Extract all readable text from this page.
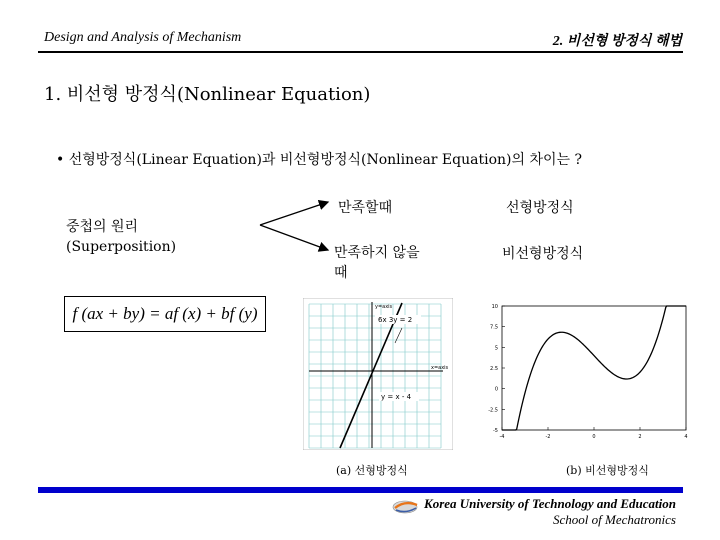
Design and Analysis of Mechanism	2. 비선형 방정식 해법
1. 비선형 방정식(Nonlinear Equation)
• 선형방정식(Linear Equation)과 비선형방정식(Nonlinear Equation)의 차이는 ?
중첩의 원리
(Superposition)
만족할때	선형방정식
만족하지 않을
때
비선형방정식
f (ax + by) = af (x) + bf (y)	y=axis
x=axis
6x 3y = 2
y = x - 4
(a) 선형방정식
10
7.5
5
2.5
0
-2.5
-5
-4	-2	0	2	4
(b) 비선형방정식
Korea University of Technology and Education
School of Mechatronics
